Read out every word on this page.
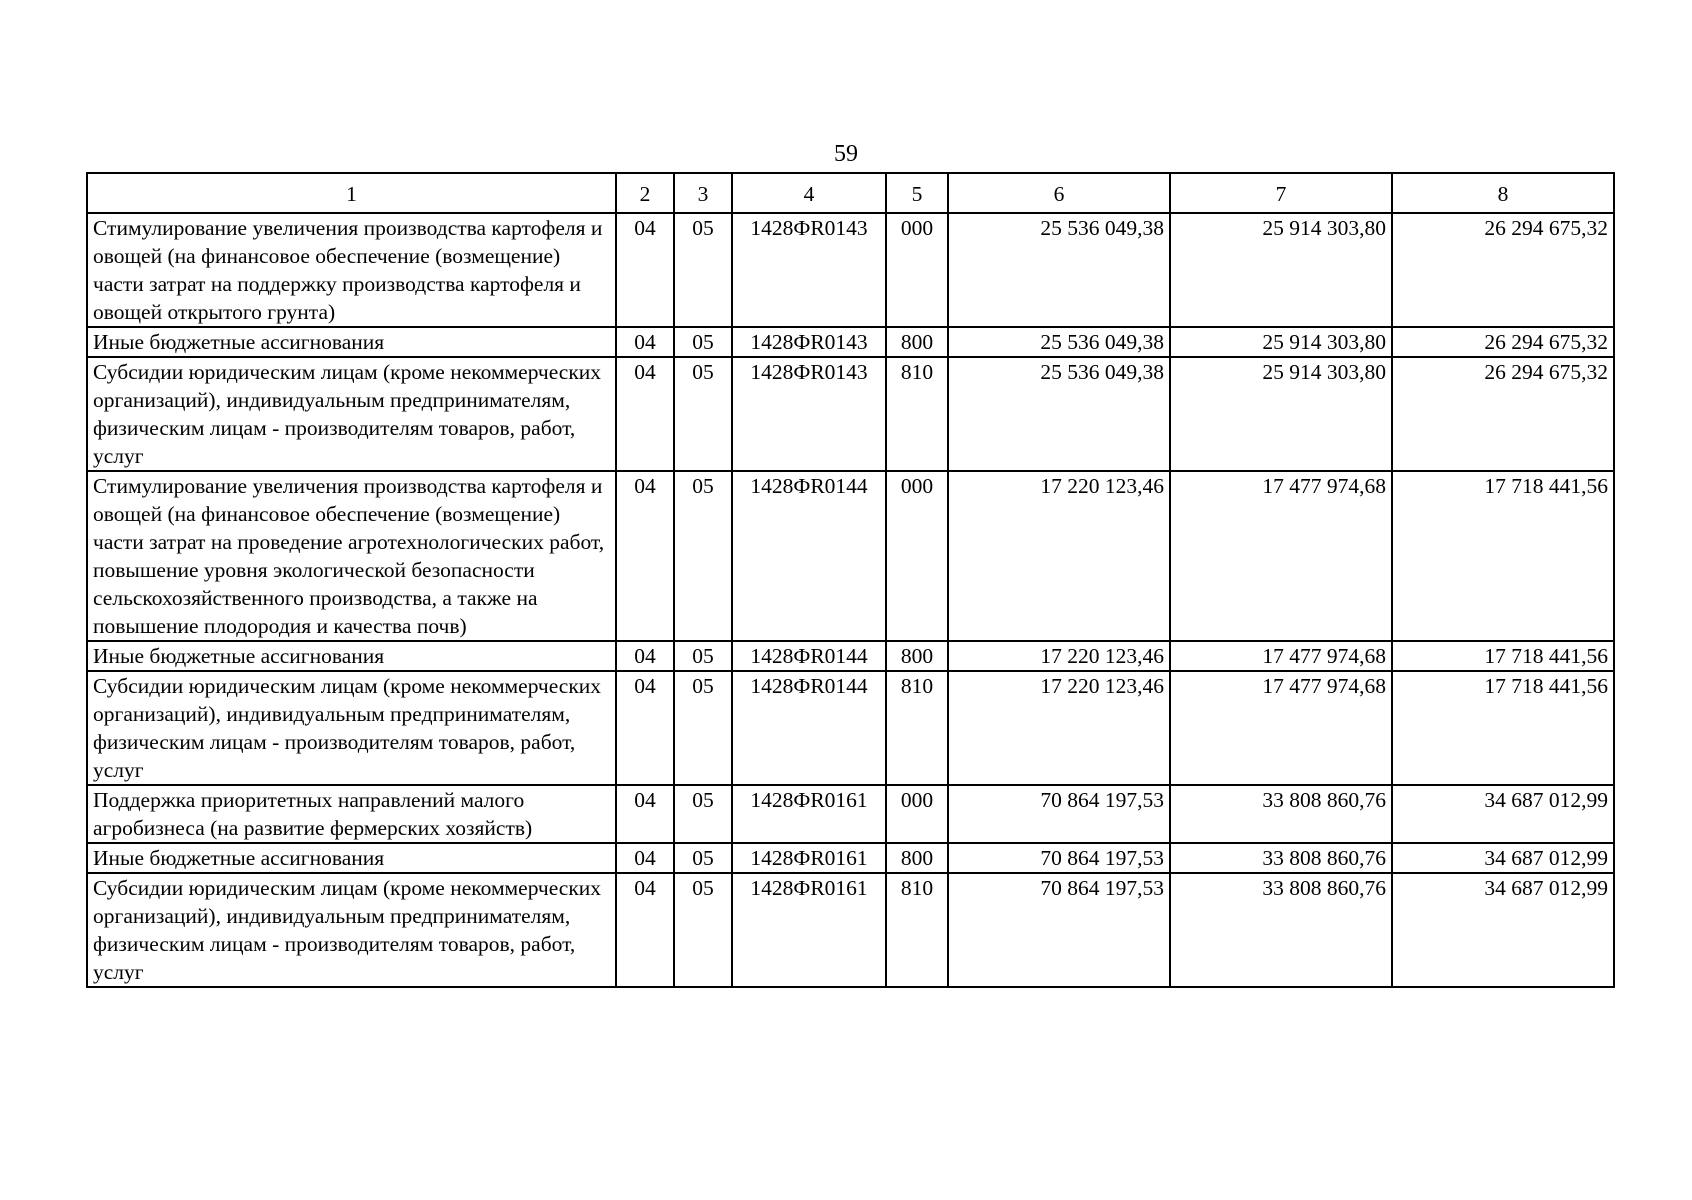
59
1	2	3	4	5	6	7	8
Стимулирование увеличения производства картофеля и овощей (на финансовое обеспечение (возмещение) части затрат на поддержку производства картофеля и овощей открытого грунта)	04	05	1428ФR0143	000	25 536 049,38	25 914 303,80	26 294 675,32
Иные бюджетные ассигнования	04	05	1428ФR0143	800	25 536 049,38	25 914 303,80	26 294 675,32
Субсидии юридическим лицам (кроме некоммерческих организаций), индивидуальным предпринимателям, физическим лицам - производителям товаров, работ, услуг	04	05	1428ФR0143	810	25 536 049,38	25 914 303,80	26 294 675,32
Стимулирование увеличения производства картофеля и овощей (на финансовое обеспечение (возмещение) части затрат на проведение агротехнологических работ, повышение уровня экологической безопасности сельскохозяйственного производства, а также на повышение плодородия и качества почв)	04	05	1428ФR0144	000	17 220 123,46	17 477 974,68	17 718 441,56
Иные бюджетные ассигнования	04	05	1428ФR0144	800	17 220 123,46	17 477 974,68	17 718 441,56
Субсидии юридическим лицам (кроме некоммерческих организаций), индивидуальным предпринимателям, физическим лицам - производителям товаров, работ, услуг	04	05	1428ФR0144	810	17 220 123,46	17 477 974,68	17 718 441,56
Поддержка приоритетных направлений малого агробизнеса (на развитие фермерских хозяйств)	04	05	1428ФR0161	000	70 864 197,53	33 808 860,76	34 687 012,99
Иные бюджетные ассигнования	04	05	1428ФR0161	800	70 864 197,53	33 808 860,76	34 687 012,99
Субсидии юридическим лицам (кроме некоммерческих организаций), индивидуальным предпринимателям, физическим лицам - производителям товаров, работ, услуг	04	05	1428ФR0161	810	70 864 197,53	33 808 860,76	34 687 012,99
